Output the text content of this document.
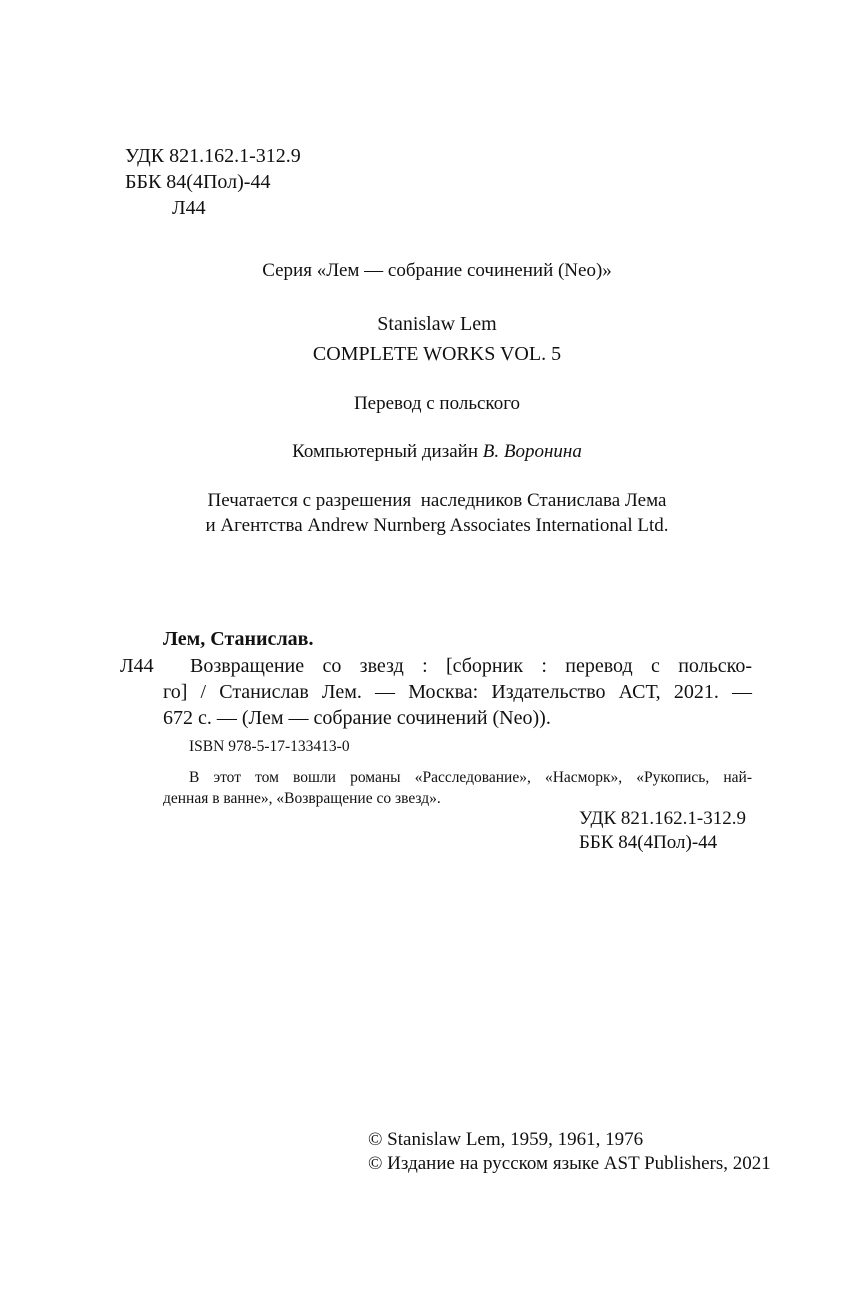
УДК 821.162.1-312.9
ББК 84(4Пол)-44
Л44
Серия «Лем — собрание сочинений (Neo)»
Stanislaw Lem
COMPLETE WORKS VOL. 5
Перевод с польского
Компьютерный дизайн В. Воронина
Печатается с разрешения  наследников Станислава Лема
и Агентства Andrew Nurnberg Associates International Ltd.
Лем, Станислав.
Л44 Возвращение со звезд : [сборник : перевод с польско-
го] / Станислав Лем. — Москва: Издательство АСТ, 2021. —
672 с. — (Лем — собрание сочинений (Neo)).
ISBN 978-5-17-133413-0
В этот том вошли романы «Расследование», «Насморк», «Рукопись, най-
денная в ванне», «Возвращение со звезд».
УДК 821.162.1-312.9
ББК 84(4Пол)-44
© Stanislaw Lem, 1959, 1961, 1976
© Издание на русском языке AST Publishers, 2021
